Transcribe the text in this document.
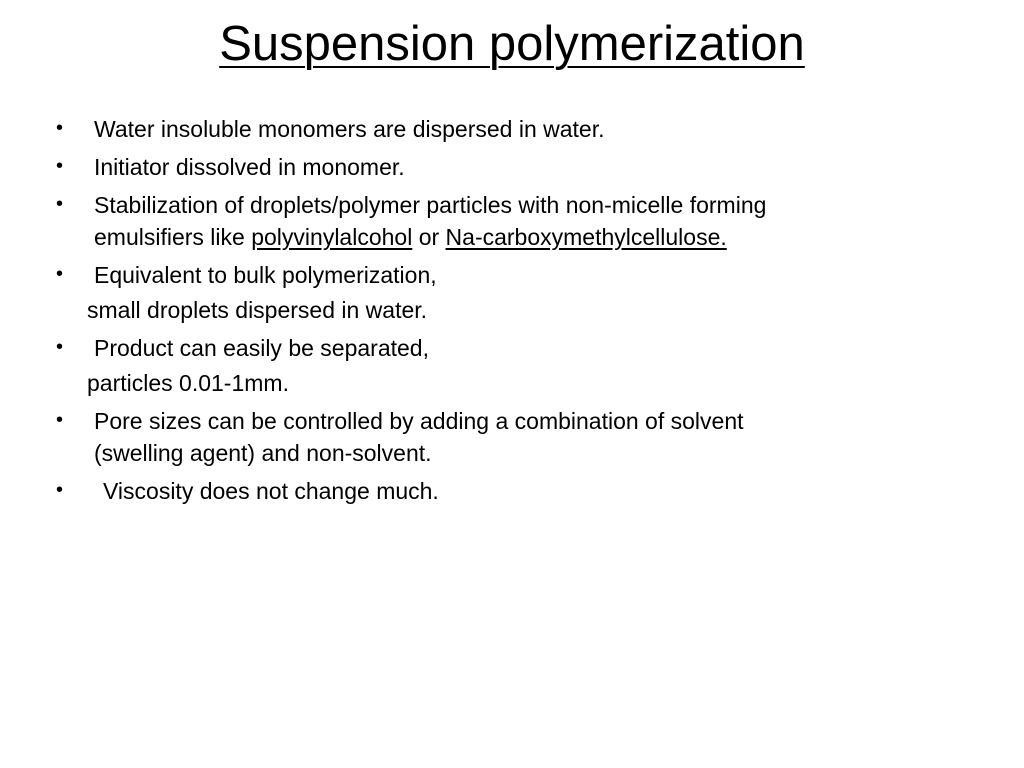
Suspension polymerization
•	Water insoluble monomers are dispersed in water.
•	Initiator dissolved in monomer.
•	Stabilization of droplets/polymer particles with non-micelle forming
emulsifiers like polyvinylalcohol or Na-carboxymethylcellulose.
•	Equivalent to bulk polymerization,
small droplets dispersed in water.
•	Product can easily be separated,
particles 0.01-1mm.
•	Pore sizes can be controlled by adding a combination of solvent
(swelling agent) and non-solvent.
•	Viscosity does not change much.
